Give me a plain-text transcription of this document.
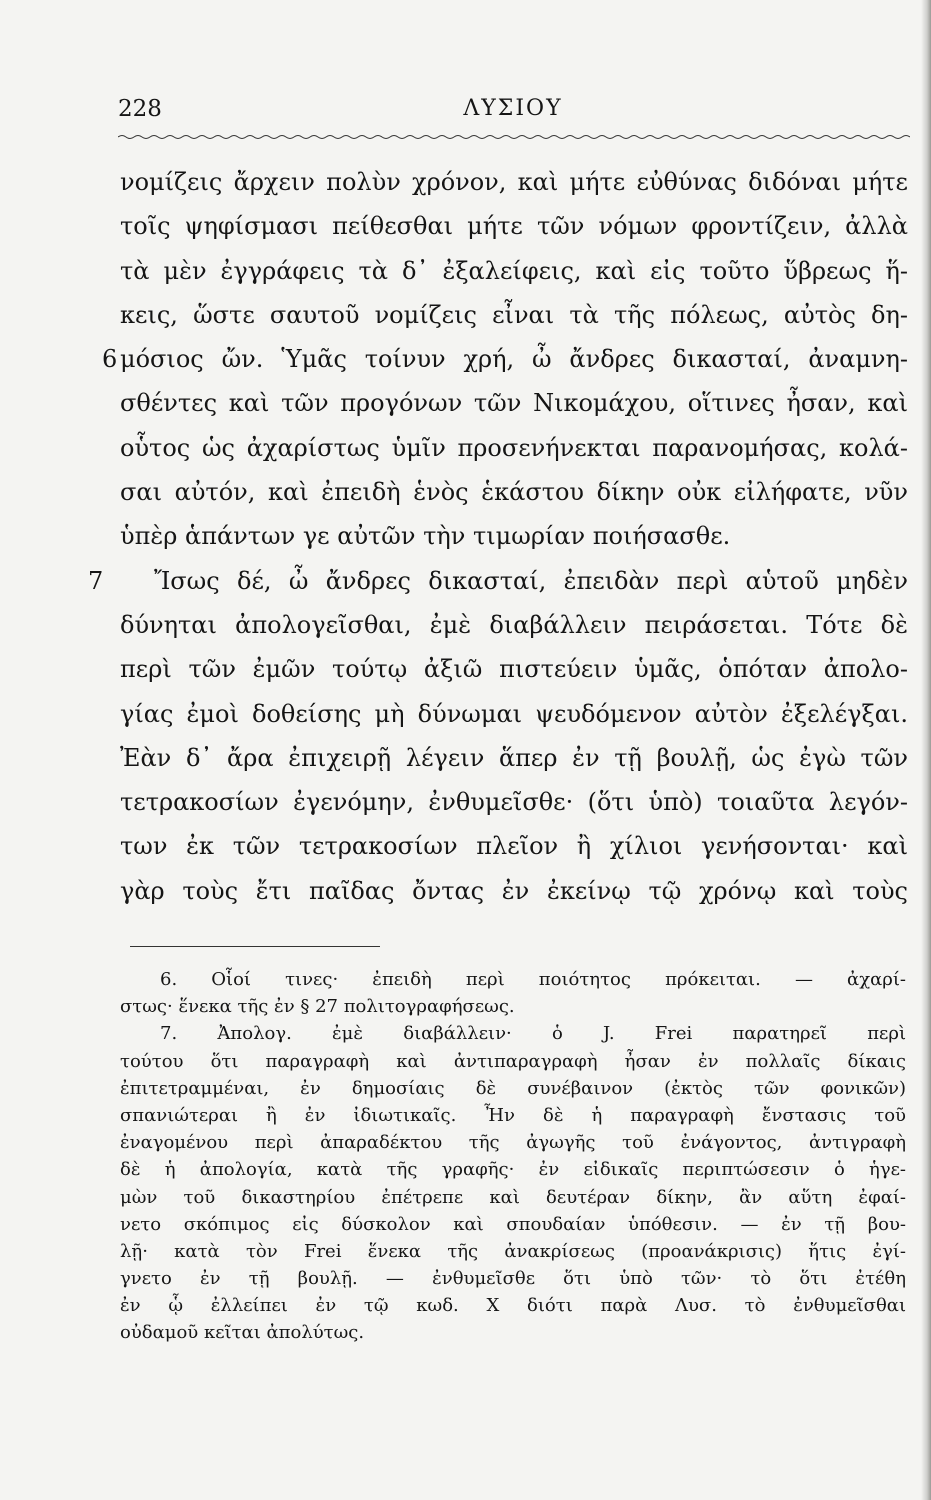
ΛΥΣΙΟΥ
228
νομίζεις ἄρχειν πολὺν χρόνον, καὶ μήτε εὐθύνας διδόναι μήτε
τοῖς ψηφίσμασι πείθεσθαι μήτε τῶν νόμων φροντίζειν, ἀλλὰ
τὰ μὲν ἐγγράφεις τὰ δ᾿ ἐξαλείφεις, καὶ εἰς τοῦτο ὕβρεως ἥ-
κεις, ὥστε σαυτοῦ νομίζεις εἶναι τὰ τῆς πόλεως, αὐτὸς δη-
6 μόσιος ὤν. Ὑμᾶς τοίνυν χρή, ὦ ἄνδρες δικασταί, ἀναμνη-
σθέντες καὶ τῶν προγόνων τῶν Νικομάχου, οἵτινες ἦσαν, καὶ
οὗτος ὡς ἀχαρίστως ὑμῖν προσενήνεκται παρανομήσας, κολά-
σαι αὐτόν, καὶ ἐπειδὴ ἑνὸς ἑκάστου δίκην οὐκ εἰλήφατε, νῦν
ὑπὲρ ἁπάντων γε αὐτῶν τὴν τιμωρίαν ποιήσασθε.
7 Ἴσως δέ, ὦ ἄνδρες δικασταί, ἐπειδὰν περὶ αὑτοῦ μηδὲν
δύνηται ἀπολογεῖσθαι, ἐμὲ διαβάλλειν πειράσεται. Τότε δὲ
περὶ τῶν ἐμῶν τούτῳ ἀξιῶ πιστεύειν ὑμᾶς, ὁπόταν ἀπολο-
γίας ἐμοὶ δοθείσης μὴ δύνωμαι ψευδόμενον αὐτὸν ἐξελέγξαι.
Ἐὰν δ᾿ ἄρα ἐπιχειρῇ λέγειν ἅπερ ἐν τῇ βουλῇ, ὡς ἐγὼ τῶν
τετρακοσίων ἐγενόμην, ἐνθυμεῖσθε· (ὅτι ὑπὸ) τοιαῦτα λεγόν-
των ἐκ τῶν τετρακοσίων πλεῖον ἢ χίλιοι γενήσονται· καὶ
γὰρ τοὺς ἔτι παῖδας ὄντας ἐν ἐκείνῳ τῷ χρόνῳ καὶ τοὺς
6. Οἷοί τινες· ἐπειδὴ περὶ ποιότητος πρόκειται. — ἀχαρί-
στως· ἕνεκα τῆς ἐν § 27 πολιτογραφήσεως.
7. Ἀπολογ. ἐμὲ διαβάλλειν· ὁ J. Frei παρατηρεῖ περὶ
τούτου ὅτι παραγραφὴ καὶ ἀντιπαραγραφὴ ἦσαν ἐν πολλαῖς δίκαις
ἐπιτετραμμέναι, ἐν δημοσίαις δὲ συνέβαινον (ἐκτὸς τῶν φονικῶν)
σπανιώτεραι ἢ ἐν ἰδιωτικαῖς. Ἦν δὲ ἡ παραγραφὴ ἔνστασις τοῦ
ἐναγομένου περὶ ἀπαραδέκτου τῆς ἀγωγῆς τοῦ ἐνάγοντος, ἀντιγραφὴ
δὲ ἡ ἀπολογία, κατὰ τῆς γραφῆς· ἐν εἰδικαῖς περιπτώσεσιν ὁ ἡγε-
μὼν τοῦ δικαστηρίου ἐπέτρεπε καὶ δευτέραν δίκην, ἂν αὕτη ἐφαί-
νετο σκόπιμος εἰς δύσκολον καὶ σπουδαίαν ὑπόθεσιν. — ἐν τῇ βου-
λῇ· κατὰ τὸν Frei ἕνεκα τῆς ἀνακρίσεως (προανάκρισις) ἥτις ἐγί-
γνετο ἐν τῇ βουλῇ. — ἐνθυμεῖσθε ὅτι ὑπὸ τῶν· τὸ ὅτι ἐτέθη
ἐν ᾧ ἐλλείπει ἐν τῷ κωδ. Χ διότι παρὰ Λυσ. τὸ ἐνθυμεῖσθαι
οὐδαμοῦ κεῖται ἀπολύτως.
